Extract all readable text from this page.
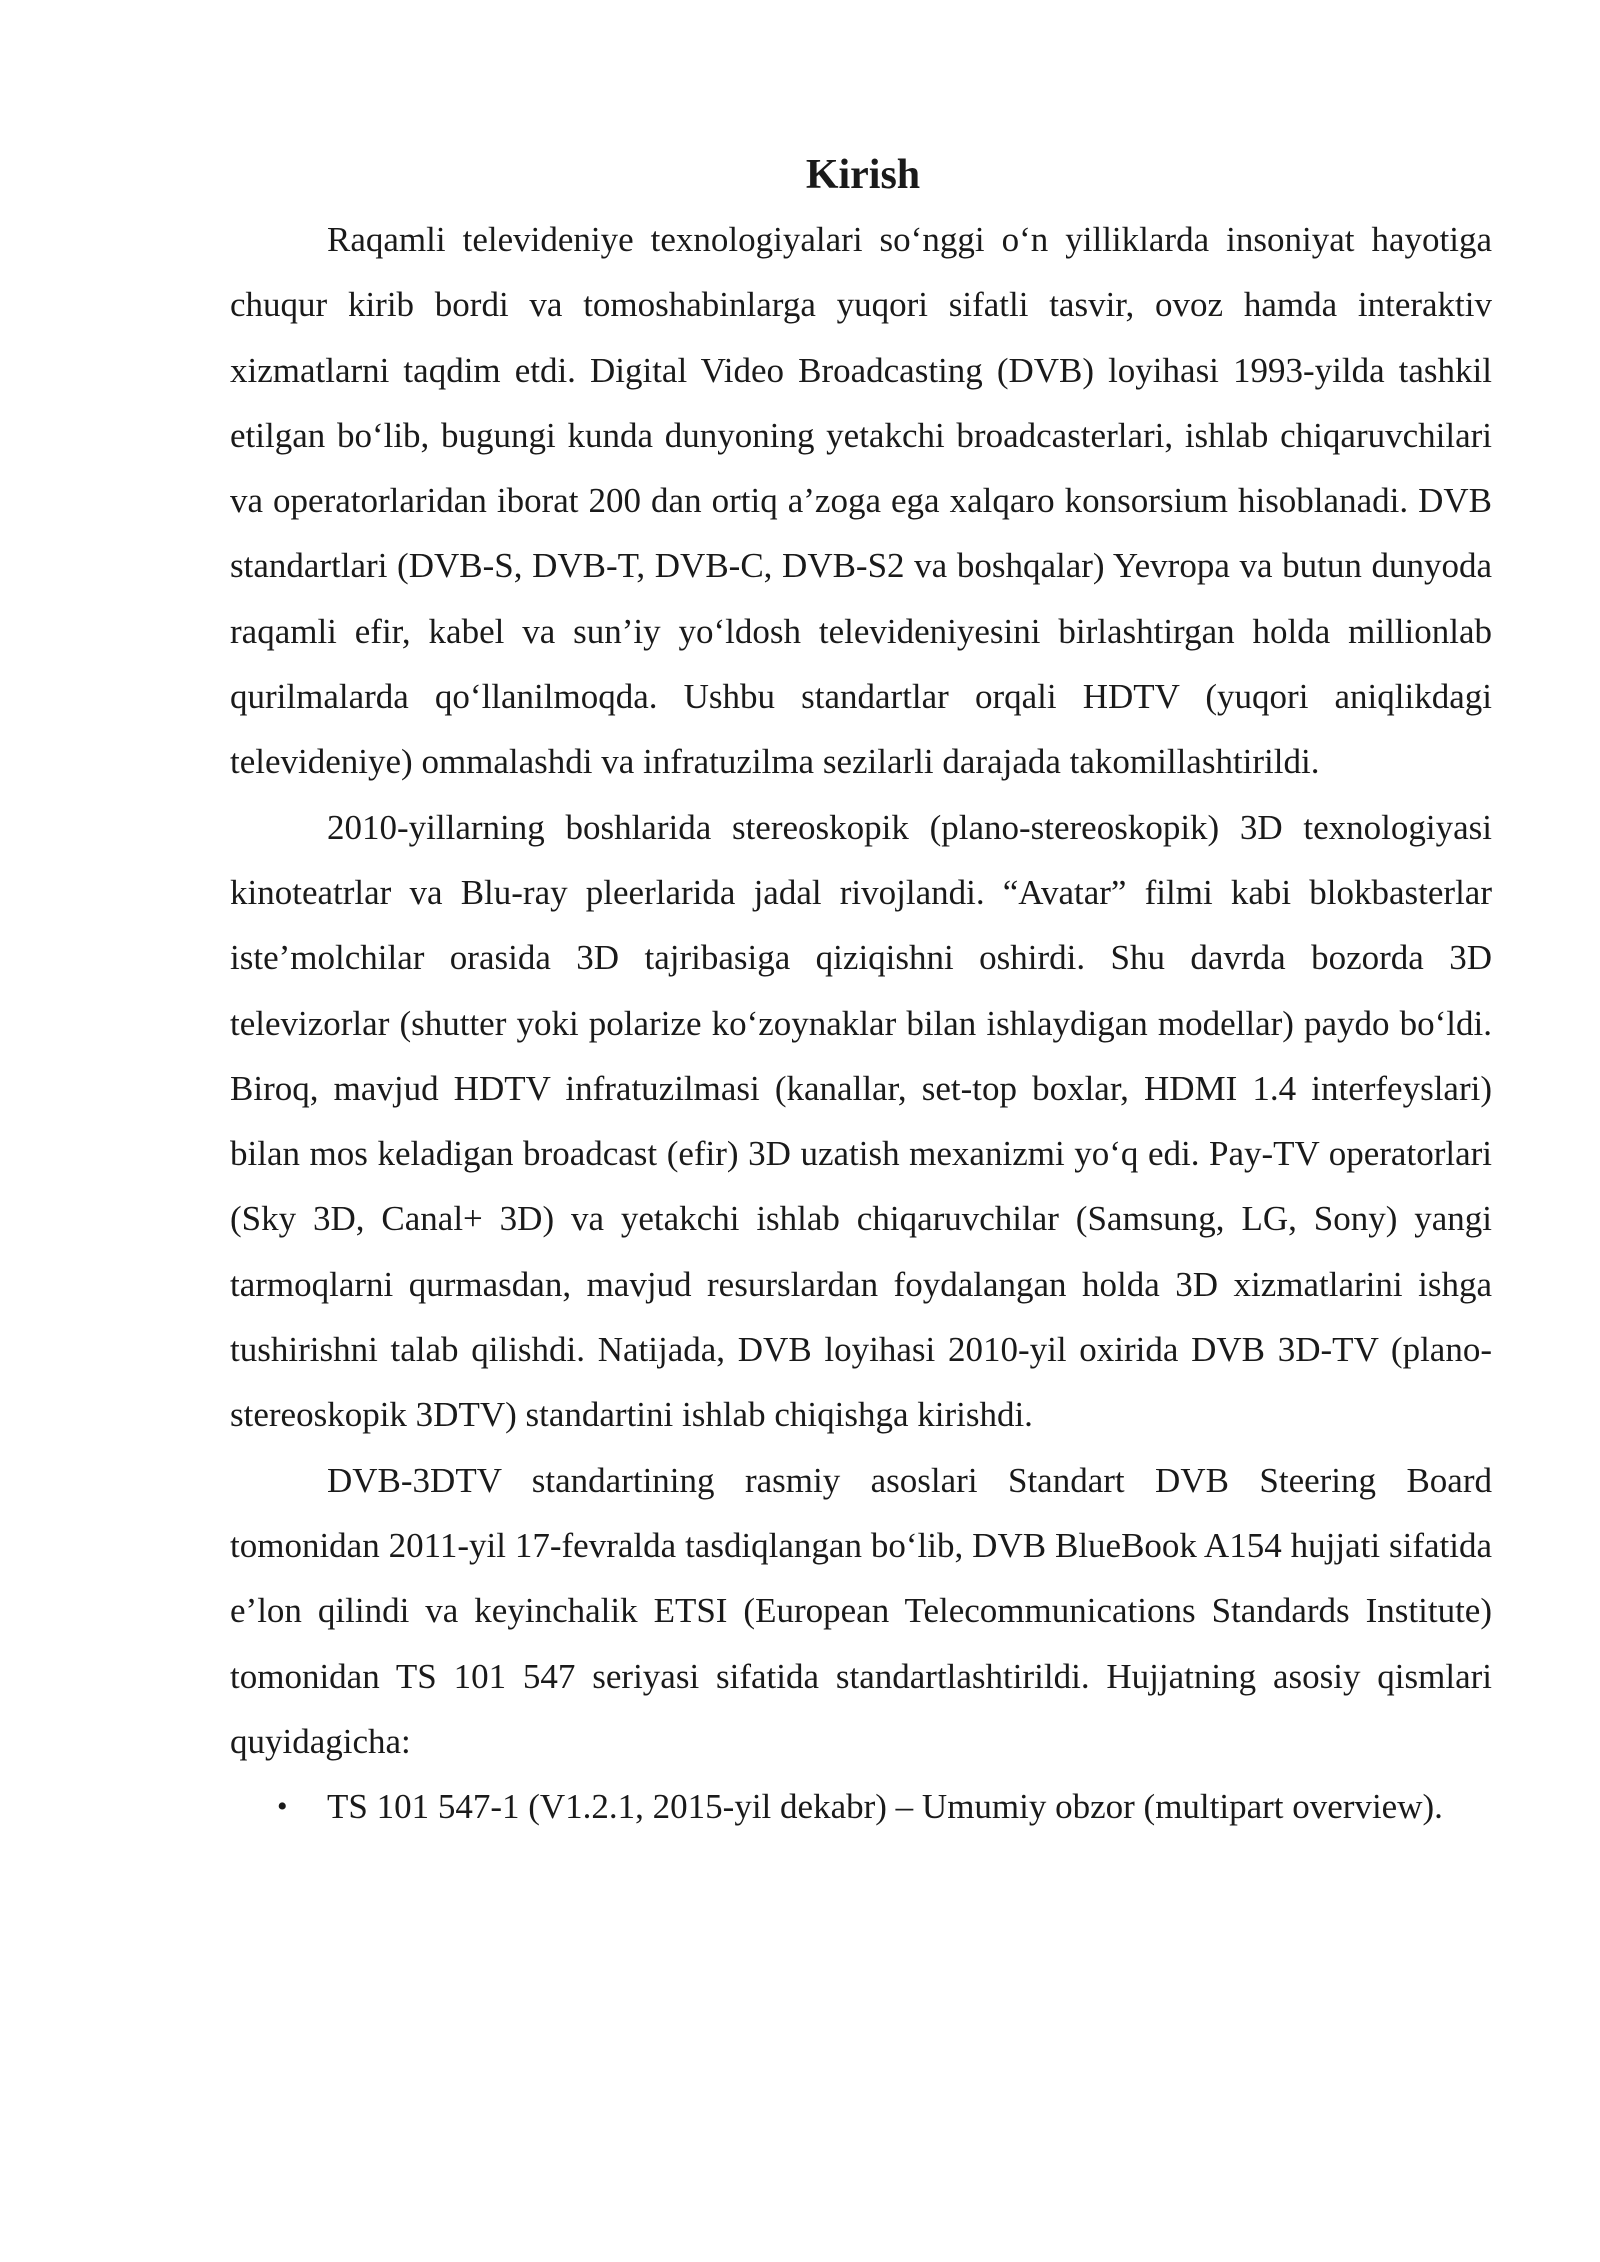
Kirish

Raqamli televideniye texnologiyalari so‘nggi o‘n yilliklarda insoniyat hayotiga chuqur kirib bordi va tomoshabinlarga yuqori sifatli tasvir, ovoz hamda interaktiv xizmatlarni taqdim etdi. Digital Video Broadcasting (DVB) loyihasi 1993-yilda tashkil etilgan bo‘lib, bugungi kunda dunyoning yetakchi broadcasterlari, ishlab chiqaruvchilari va operatorlaridan iborat 200 dan ortiq a’zoga ega xalqaro konsorsium hisoblanadi. DVB standartlari (DVB-S, DVB-T, DVB-C, DVB-S2 va boshqalar) Yevropa va butun dunyoda raqamli efir, kabel va sun’iy yo‘ldosh televideniyesini birlashtirgan holda millionlab qurilmalarda qo‘llanilmoqda. Ushbu standartlar orqali HDTV (yuqori aniqlikdagi televideniye) ommalashdi va infratuzilma sezilarli darajada takomillashtirildi.

2010-yillarning boshlarida stereoskopik (plano-stereoskopik) 3D texnologiyasi kinoteatrlar va Blu-ray pleerlarida jadal rivojlandi. “Avatar” filmi kabi blokbasterlar iste’molchilar orasida 3D tajribasiga qiziqishni oshirdi. Shu davrda bozorda 3D televizorlar (shutter yoki polarize ko‘zoynaklar bilan ishlaydigan modellar) paydo bo‘ldi. Biroq, mavjud HDTV infratuzilmasi (kanallar, set-top boxlar, HDMI 1.4 interfeyslari) bilan mos keladigan broadcast (efir) 3D uzatish mexanizmi yo‘q edi. Pay-TV operatorlari (Sky 3D, Canal+ 3D) va yetakchi ishlab chiqaruvchilar (Samsung, LG, Sony) yangi tarmoqlarni qurmasdan, mavjud resurslardan foydalangan holda 3D xizmatlarini ishga tushirishni talab qilishdi. Natijada, DVB loyihasi 2010-yil oxirida DVB 3D-TV (plano-stereoskopik 3DTV) standartini ishlab chiqishga kirishdi.

DVB-3DTV standartining rasmiy asoslari Standart DVB Steering Board tomonidan 2011-yil 17-fevralda tasdiqlangan bo‘lib, DVB BlueBook A154 hujjati sifatida e’lon qilindi va keyinchalik ETSI (European Telecommunications Standards Institute) tomonidan TS 101 547 seriyasi sifatida standartlashtirildi. Hujjatning asosiy qismlari quyidagicha:

• TS 101 547-1 (V1.2.1, 2015-yil dekabr) – Umumiy obzor (multipart overview).
